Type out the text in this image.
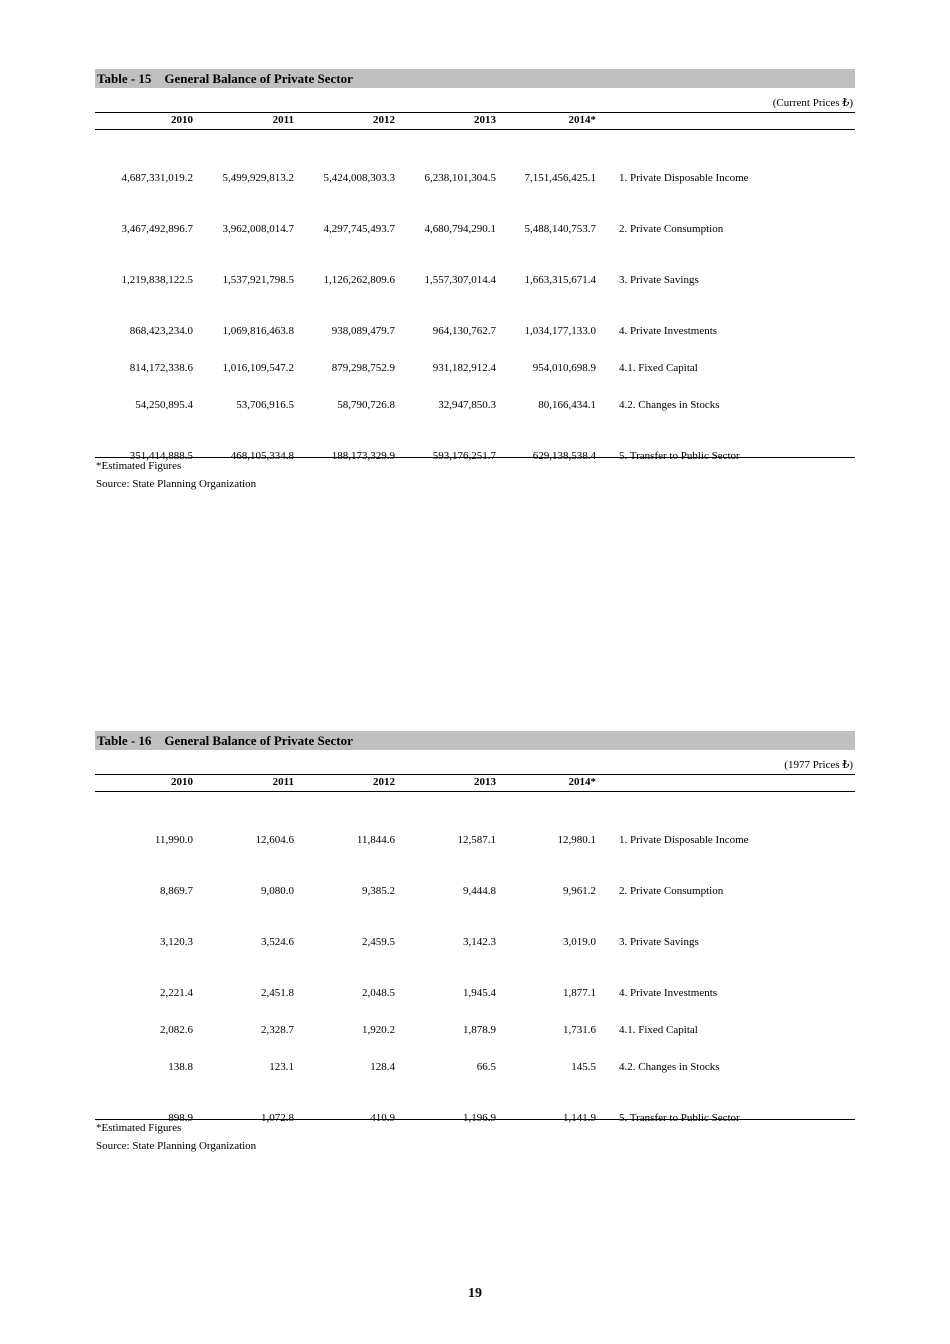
Table - 15    General Balance of Private Sector
(Current Prices ₺)
2010	2011	2012	2013	2014*
4,687,331,019.2	5,499,929,813.2	5,424,008,303.3	6,238,101,304.5	7,151,456,425.1 1. Private Disposable Income
3,467,492,896.7	3,962,008,014.7	4,297,745,493.7	4,680,794,290.1	5,488,140,753.7 2. Private Consumption
1,219,838,122.5	1,537,921,798.5	1,126,262,809.6	1,557,307,014.4	1,663,315,671.4 3. Private Savings
868,423,234.0	1,069,816,463.8	938,089,479.7	964,130,762.7	1,034,177,133.0 4. Private Investments
814,172,338.6	1,016,109,547.2	879,298,752.9	931,182,912.4	954,010,698.9 4.1. Fixed Capital
54,250,895.4	53,706,916.5	58,790,726.8	32,947,850.3	80,166,434.1 4.2. Changes in Stocks
351,414,888.5	468,105,334.8	188,173,329.9	593,176,251.7	629,138,538.4 5. Transfer to Public Sector
*Estimated Figures
Source: State Planning Organization
Table - 16    General Balance of Private Sector
(1977 Prices ₺)
2010	2011	2012	2013	2014*
11,990.0	12,604.6	11,844.6	12,587.1	12,980.1 1. Private Disposable Income
8,869.7	9,080.0	9,385.2	9,444.8	9,961.2 2. Private Consumption
3,120.3	3,524.6	2,459.5	3,142.3	3,019.0 3. Private Savings
2,221.4	2,451.8	2,048.5	1,945.4	1,877.1 4. Private Investments
2,082.6	2,328.7	1,920.2	1,878.9	1,731.6 4.1. Fixed Capital
138.8	123.1	128.4	66.5	145.5 4.2. Changes in Stocks
898.9	1,072.8	410.9	1,196.9	1,141.9 5. Transfer to Public Sector
*Estimated Figures
Source: State Planning Organization
19
